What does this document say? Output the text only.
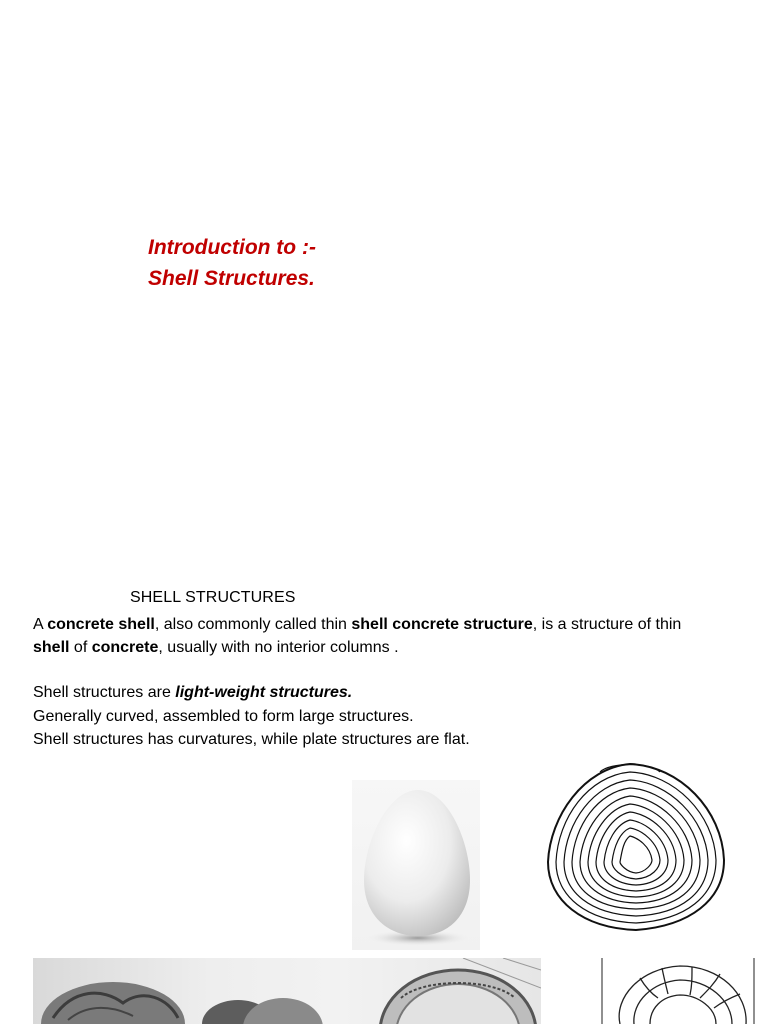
Introduction to :-
Shell Structures.
SHELL STRUCTURES

A concrete shell, also commonly called thin shell concrete structure, is a structure of thin
shell of concrete, usually with no interior columns .

Shell structures are light-weight structures.

Generally curved, assembled to form large structures.

Shell structures has curvatures, while plate structures are flat.
